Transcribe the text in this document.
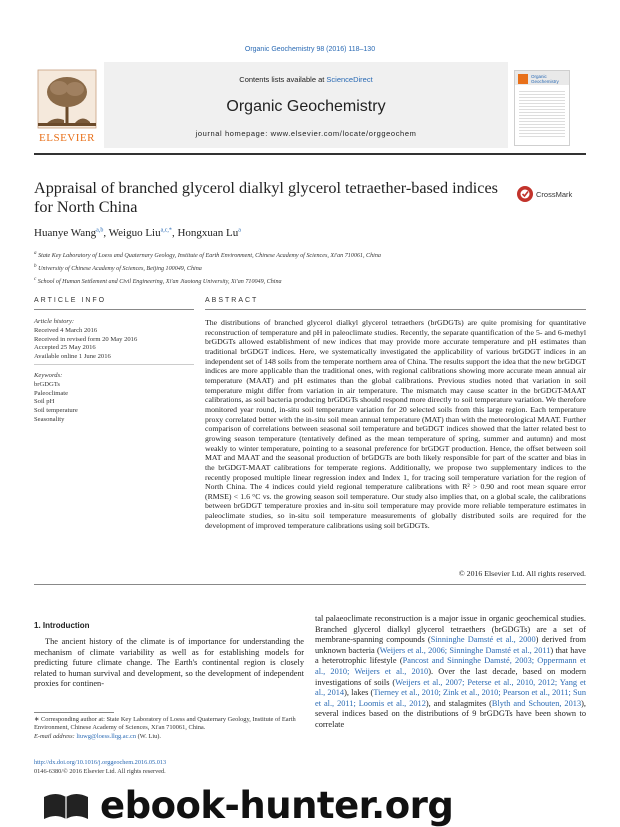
Organic Geochemistry 98 (2016) 118–130
Contents lists available at ScienceDirect
Organic Geochemistry
journal homepage: www.elsevier.com/locate/orggeochem
ELSEVIER
Organic Geochemistry
Appraisal of branched glycerol dialkyl glycerol tetraether-based indices for North China
CrossMark
Huanye Wang$^{a,b}$, Weiguo Liu$^{a,c,*}$, Hongxuan Lu$^a$
$^a$ State Key Laboratory of Loess and Quaternary Geology, Institute of Earth Environment, Chinese Academy of Sciences, Xi'an 710061, China
$^b$ University of Chinese Academy of Sciences, Beijing 100049, China
$^c$ School of Human Settlement and Civil Engineering, Xi'an Jiaotong University, Xi'an 710049, China
ARTICLE INFO
Article history:
Received 4 March 2016
Received in revised form 20 May 2016
Accepted 25 May 2016
Available online 1 June 2016
Keywords:
brGDGTs
Paleoclimate
Soil pH
Soil temperature
Seasonality
ABSTRACT
The distributions of branched glycerol dialkyl glycerol tetraethers (brGDGTs) are quite promising for quantitative reconstruction of temperature and pH in paleoclimate studies. Recently, the separate quantification of the 5- and 6-methyl brGDGTs allowed establishment of new indices that may provide more accurate temperature and pH estimates than traditional brGDGT indices. Here, we systematically investigated the applicability of various brGDGT indices in an independent set of 148 soils from the temperate northern area of China. The results support the idea that the new brGDGT indices are more applicable than the traditional ones, with regional calibrations showing more accurate mean annual air temperature (MAAT) and pH estimates than the global calibrations. Previous studies noted that variation in soil temperature might differ from variation in air temperature. The mismatch may cause scatter in the brGDGT-MAAT calibrations, as soil bacteria producing brGDGTs should respond more directly to soil temperature variation. We therefore monitored year round, in-situ soil temperature variation for 20 selected soils from this large region. Each temperature proxy correlated better with the in-situ soil mean annual temperature (MAT) than with the meteorological MAAT. Further comparison of correlations between seasonal soil temperature and brGDGT indices showed that the latter related best to growing season temperature (tentatively defined as the mean temperature of spring, summer and autumn) and most weakly to winter temperature, pointing to a seasonal preference for brGDGT production. Hence, the offset between soil MAT and MAAT and the seasonal production of brGDGTs are both likely responsible for part of the scatter and bias in the brGDGT-MAAT calibrations for temperate regions. Additionally, we propose two supplementary indices to the recently proposed multiple linear regression index and Index 1, for tracing soil temperature variation for the region of North China. The 4 indices could yield regional temperature calibrations with R² > 0.90 and root mean square error (RMSE) < 1.6 °C vs. the growing season soil temperature. Our study also implies that, on a global scale, the calibrations between brGDGT temperature proxies and in-situ soil temperature may provide more reliable temperature estimates in paleoclimate studies, so in-situ soil temperature measurements of globally distributed soils are required for the development of improved temperature calibrations using soil brGDGTs.
© 2016 Elsevier Ltd. All rights reserved.
1. Introduction
The ancient history of the climate is of importance for understanding the mechanism of climate variability as well as for establishing models for predicting future climate change. The Earth's continental region is closely related to human survival and development, so the development of independent proxies for continen-
tal palaeoclimate reconstruction is a major issue in organic geochemical studies. Branched glycerol dialkyl glycerol tetraethers (brGDGTs) are a set of membrane-spanning compounds (Sinninghe Damsté et al., 2000) derived from unknown bacteria (Weijers et al., 2006; Sinninghe Damsté et al., 2011) that have a heterotrophic lifestyle (Pancost and Sinninghe Damsté, 2003; Oppermann et al., 2010; Weijers et al., 2010). Over the last decade, based on modern investigations of soils (Weijers et al., 2007; Peterse et al., 2010, 2012; Yang et al., 2014), lakes (Tierney et al., 2010; Zink et al., 2010; Pearson et al., 2011; Sun et al., 2011; Loomis et al., 2012), and stalagmites (Blyth and Schouten, 2013), several indices based on the distributions of 9 brGDGTs have been shown to correlate
∗ Corresponding author at: State Key Laboratory of Loess and Quaternary Geology, Institute of Earth Environment, Chinese Academy of Sciences, Xi'an 710061, China.
E-mail address: liuwg@loess.llqg.ac.cn (W. Liu).
http://dx.doi.org/10.1016/j.orggeochem.2016.05.013
0146-6380/© 2016 Elsevier Ltd. All rights reserved.
ebook-hunter.org
